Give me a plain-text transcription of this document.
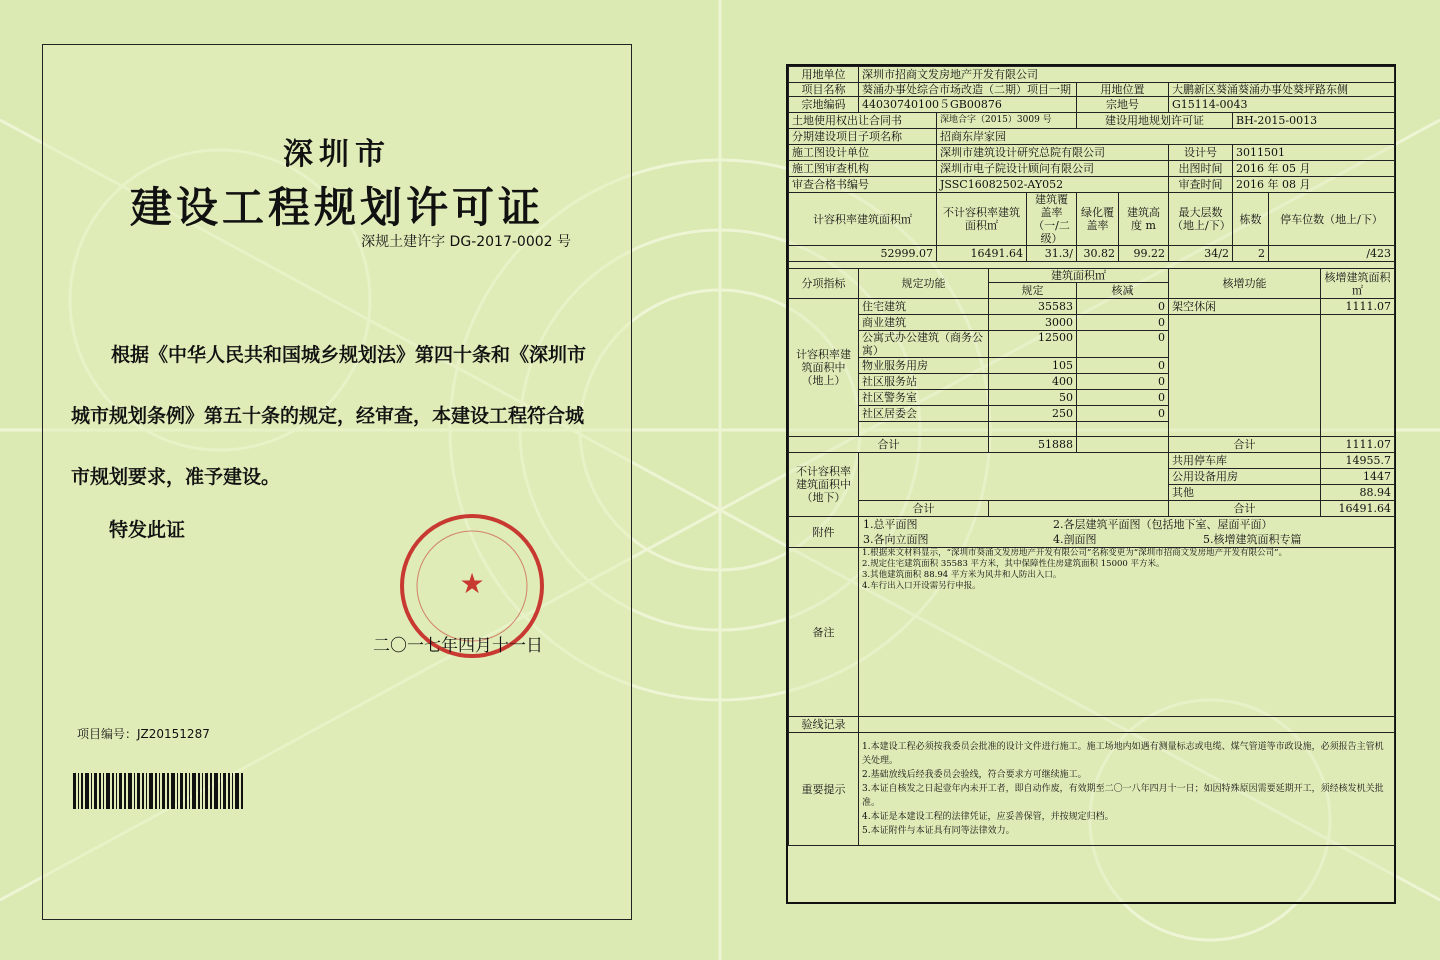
深圳市
建设工程规划许可证
深规土建许字 DG-2017-0002 号
根据《中华人民共和国城乡规划法》第四十条和《深圳市
城市规划条例》第五十条的规定，经审查，本建设工程符合城
市规划要求，准予建设。
特发此证
★
二〇一七年四月十一日
项目编号：JZ20151287
用地单位	深圳市招商文发房地产开发有限公司									
项目名称	葵涌办事处综合市场改造（二期）项目一期				用地位置		大鹏新区葵涌葵涌办事处葵坪路东侧			
宗地编码	44030740100５GB00876				宗地号		G15114-0043			
土地使用权出让合同书		深地合字（2015）3009 号			建设用地规划许可证			BH-2015-0013		
分期建设项目子项名称		招商东岸家园								
施工图设计单位		深圳市建筑设计研究总院有限公司					设计号	3011501		
施工图审查机构		深圳市电子院设计顾问有限公司					出图时间	2016 年 05 月		
审查合格书编号		JSSC16082502-AY052					审查时间	2016 年 08 月		
计容积率建筑面积㎡		不计容积率建筑面积㎡		建筑覆盖率（一/二级）	绿化覆盖率	建筑高度 m	最大层数（地上/下）	栋数	停车位数（地上/下）	
52999.07		16491.64		31.3/	30.82	99.22	34/2	2	/423	

分项指标	规定功能		建筑面积㎡				核增功能			核增建筑面积㎡
			规定		核减					
计容积率建筑面积中（地上）	住宅建筑		35583		0		架空休闲			1111.07
	商业建筑		3000		0					
	公寓式办公建筑（商务公寓）		12500		0					
	物业服务用房		105		0					
	社区服务站		400		0					
	社区警务室		50		0					
	社区居委会		250		0					

合计			51888				合计			1111.07
不计容积率建筑面积中（地下）							共用停车库			14955.7
							公用设备用房			1447
							其他			88.94
	合计						合计			16491.64
附件	1.总平面图 2.各层建筑平面图（包括地下室、屋面平面）
3.各向立面图 4.剖面图 5.核增建筑面积专篇									

备注	1.根据来文材料显示，“深圳市葵涌文发房地产开发有限公司”名称变更为“深圳市招商文发房地产开发有限公司”。
2.规定住宅建筑面积 35583 平方米，其中保障性住房建筑面积 15000 平方米。
3.其他建筑面积 88.94 平方米为风井和人防出入口。
4.车行出入口开设需另行申报。									

验线记录										
重要提示	1.本建设工程必须按我委员会批准的设计文件进行施工。施工场地内如遇有测量标志或电缆、煤气管道等市政设施，必须报告主管机关处理。
2.基础放线后经我委员会验线，符合要求方可继续施工。
3.本证自核发之日起壹年内未开工者，即自动作废，有效期至二〇一八年四月十一日；如因特殊原因需要延期开工，须经核发机关批准。
4.本证是本建设工程的法律凭证，应妥善保管，并按规定归档。
5.本证附件与本证具有同等法律效力。									
